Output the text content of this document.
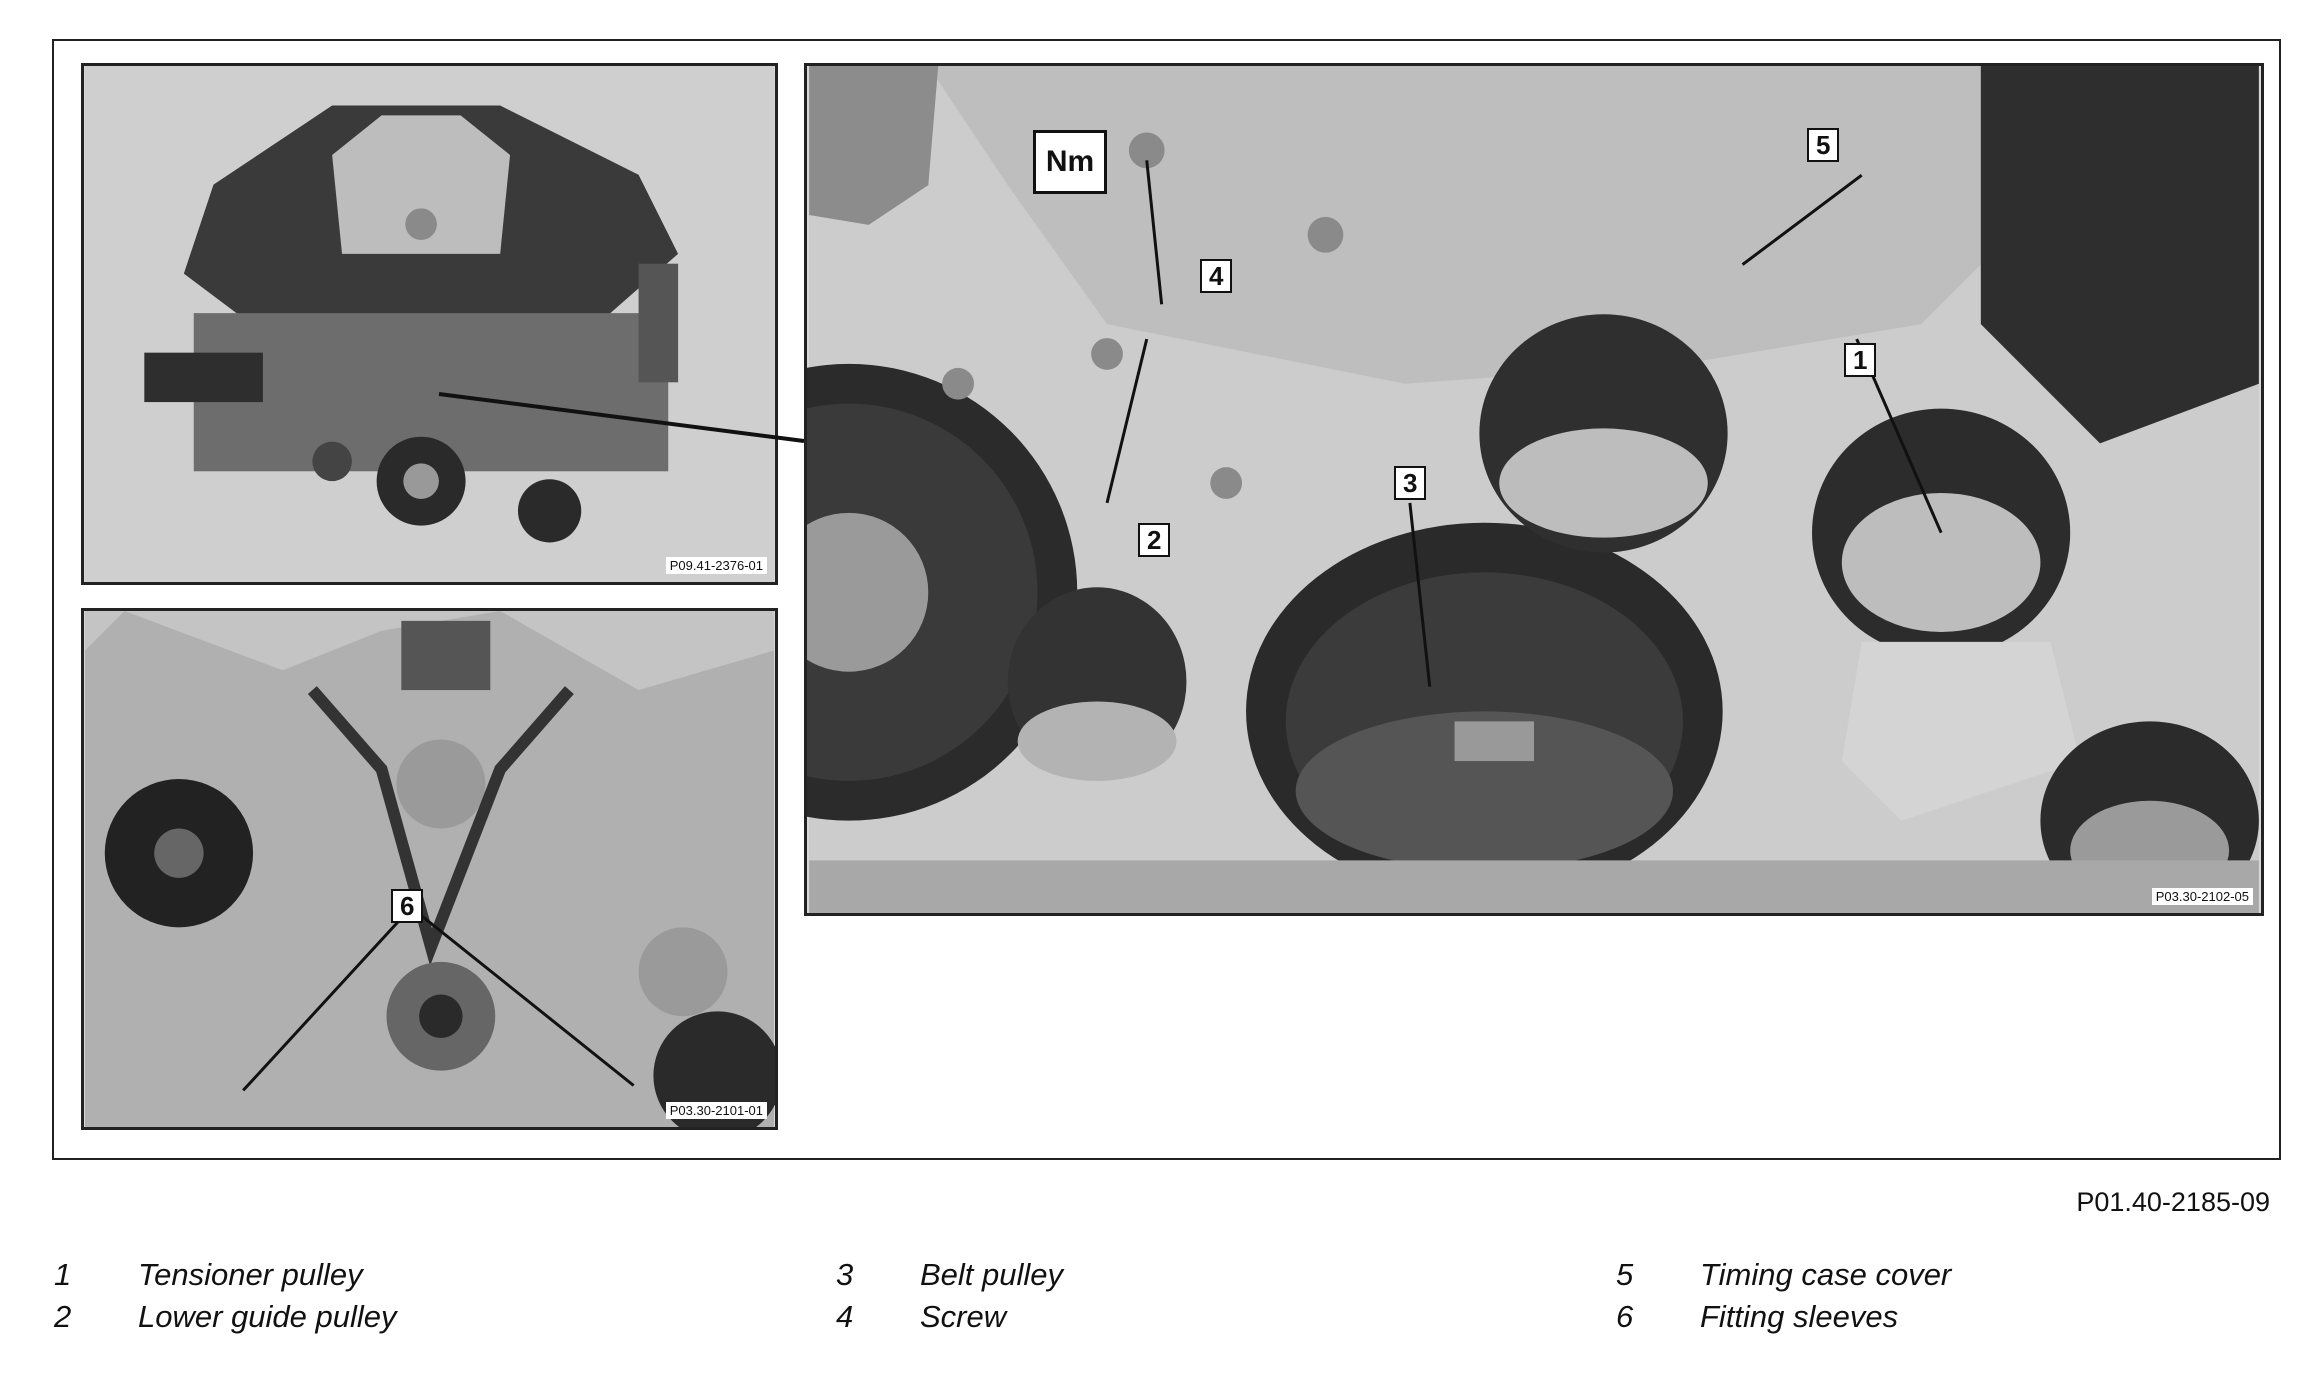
P09.41-2376-01
6
P03.30-2101-01
Nm
4
5
1
3
2
P03.30-2102-05
P01.40-2185-09
1 Tensioner pulley
2 Lower guide pulley
3 Belt pulley
4 Screw
5 Timing case cover
6 Fitting sleeves
